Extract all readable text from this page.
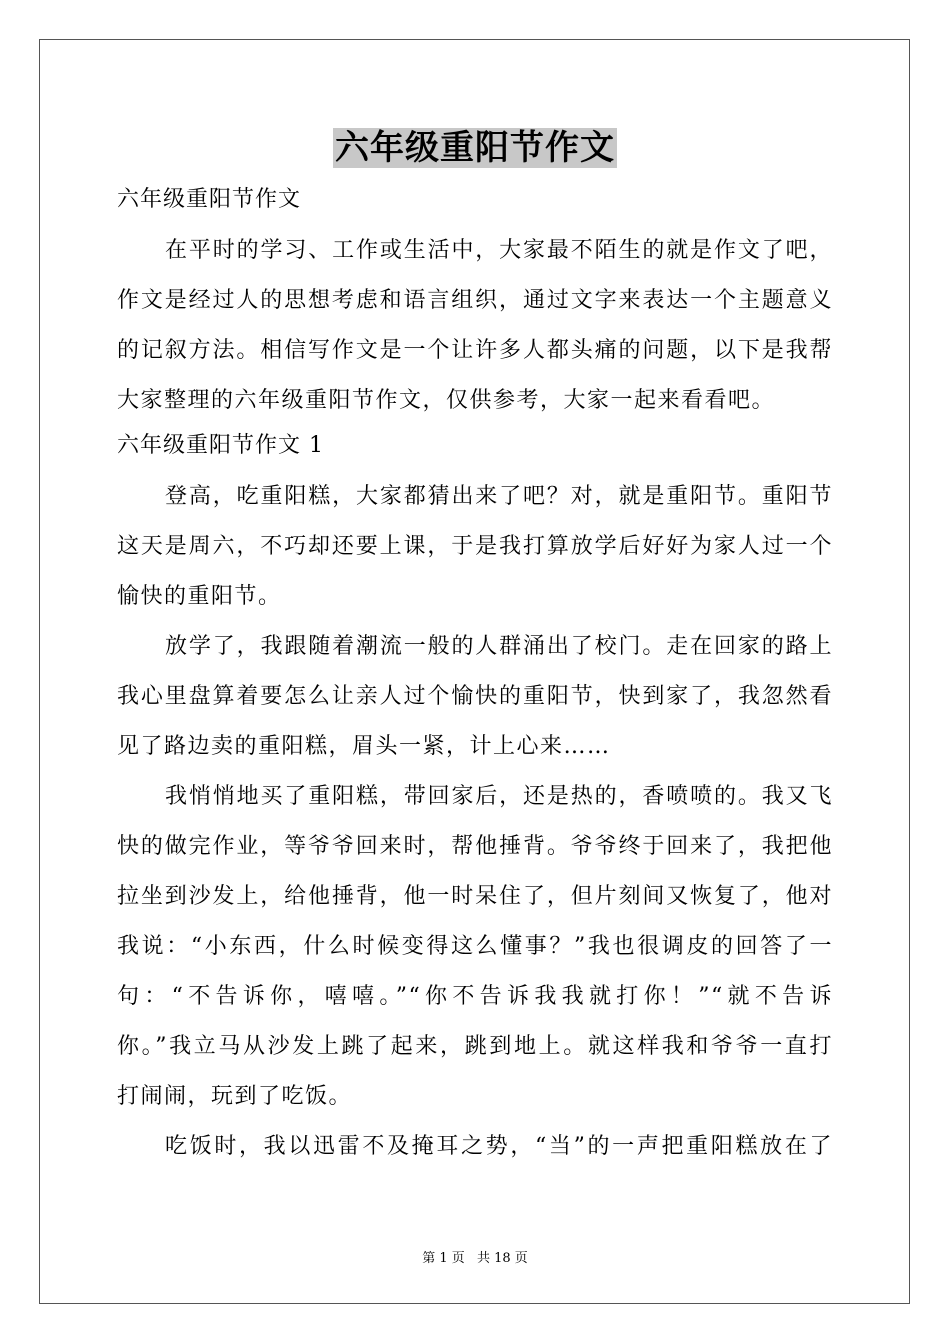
六年级重阳节作文
六年级重阳节作文
在平时的学习、工作或生活中，大家最不陌生的就是作文了吧，
作文是经过人的思想考虑和语言组织，通过文字来表达一个主题意义
的记叙方法。相信写作文是一个让许多人都头痛的问题，以下是我帮
大家整理的六年级重阳节作文，仅供参考，大家一起来看看吧。
六年级重阳节作文 1
登高，吃重阳糕，大家都猜出来了吧？对，就是重阳节。重阳节
这天是周六，不巧却还要上课，于是我打算放学后好好为家人过一个
愉快的重阳节。
放学了，我跟随着潮流一般的人群涌出了校门。走在回家的路上
我心里盘算着要怎么让亲人过个愉快的重阳节，快到家了，我忽然看
见了路边卖的重阳糕，眉头一紧，计上心来……
我悄悄地买了重阳糕，带回家后，还是热的，香喷喷的。我又飞
快的做完作业，等爷爷回来时，帮他捶背。爷爷终于回来了，我把他
拉坐到沙发上，给他捶背，他一时呆住了，但片刻间又恢复了，他对
我说：“小东西，什么时候变得这么懂事？”我也很调皮的回答了一
句：“不告诉你，嘻嘻。”“你不告诉我我就打你！”“就不告诉
你。”我立马从沙发上跳了起来，跳到地上。就这样我和爷爷一直打
打闹闹，玩到了吃饭。
吃饭时，我以迅雷不及掩耳之势，“当”的一声把重阳糕放在了
第 1 页 共 18 页
